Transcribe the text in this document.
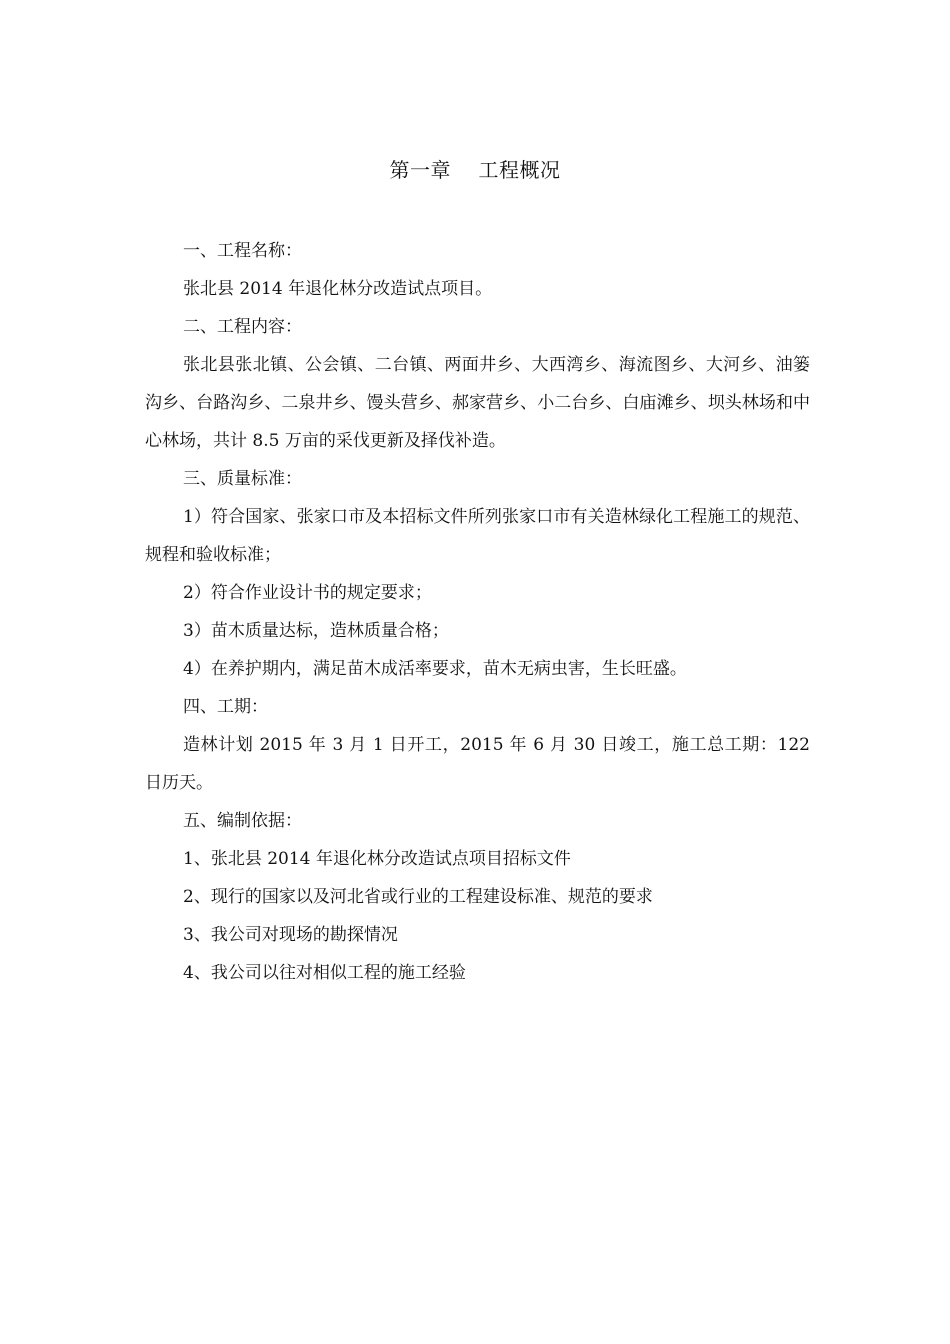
第一章    工程概况

一、工程名称：

张北县 2014 年退化林分改造试点项目。

二、工程内容：

张北县张北镇、公会镇、二台镇、两面井乡、大西湾乡、海流图乡、大河乡、油篓沟乡、台路沟乡、二泉井乡、馒头营乡、郝家营乡、小二台乡、白庙滩乡、坝头林场和中心林场，共计 8.5 万亩的采伐更新及择伐补造。

三、质量标准：

1）符合国家、张家口市及本招标文件所列张家口市有关造林绿化工程施工的规范、规程和验收标准；

2）符合作业设计书的规定要求；

3）苗木质量达标，造林质量合格；

4）在养护期内，满足苗木成活率要求，苗木无病虫害，生长旺盛。

四、工期：

造林计划 2015 年 3 月 1 日开工，2015 年 6 月 30 日竣工，施工总工期：122 日历天。

五、编制依据：

1、张北县 2014 年退化林分改造试点项目招标文件

2、现行的国家以及河北省或行业的工程建设标准、规范的要求

3、我公司对现场的勘探情况

4、我公司以往对相似工程的施工经验
